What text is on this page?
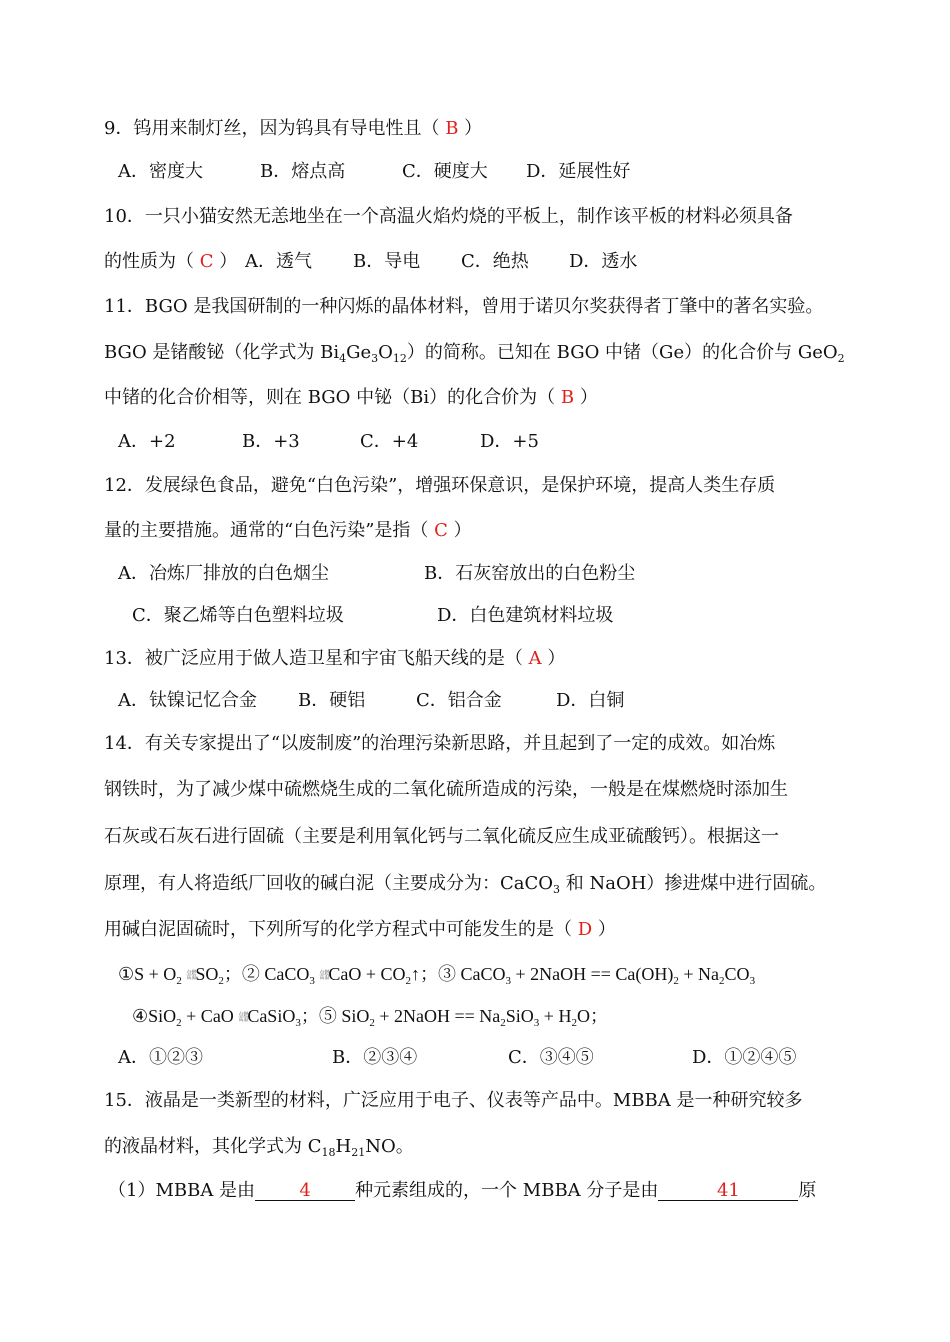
9．钨用来制灯丝，因为钨具有导电性且（ B ）
A．密度大	B．熔点高	C．硬度大 D．延展性好
10．一只小猫安然无恙地坐在一个高温火焰灼烧的平板上，制作该平板的材料必须具备
的性质为（ C ） A．透气 B．导电 C．绝热 D．透水
11．BGO 是我国研制的一种闪烁的晶体材料，曾用于诺贝尔奖获得者丁肇中的著名实验。
BGO 是锗酸铋（化学式为 $Bi_4Ge_3O_{12}$）的简称。已知在 BGO 中锗（Ge）的化合价与 GeO$_2$
中锗的化合价相等，则在 BGO 中铋（Bi）的化合价为（ B ）
A．+2	B．+3	C．+4	D．+5
12．发展绿色食品，避免“白色污染”，增强环保意识，是保护环境，提高人类生存质
量的主要措施。通常的“白色污染”是指（ C ）
A．冶炼厂排放的白色烟尘	B．石灰窑放出的白色粉尘
C．聚乙烯等白色塑料垃圾	D．白色建筑材料垃圾
13．被广泛应用于做人造卫星和宇宙飞船天线的是（ A ）
A．钛镍记忆合金 B．硬铝	C．铝合金	D．白铜
14．有关专家提出了“以废制废”的治理污染新思路，并且起到了一定的成效。如冶炼
钢铁时，为了减少煤中硫燃烧生成的二氧化硫所造成的污染，一般是在煤燃烧时添加生
石灰或石灰石进行固硫（主要是利用氧化钙与二氧化硫反应生成亚硫酸钙）。根据这一
原理，有人将造纸厂回收的碱白泥（主要成分为：CaCO$_3$ 和 NaOH）掺进煤中进行固硫。
用碱白泥固硫时，下列所写的化学方程式中可能发生的是（ D ）
①S + $O_2$ 点燃
高温$SO_2$；② CaCO$_3$ 点燃
高温CaO + $CO_2↑$；③ CaCO$_3$ + 2NaOH == $Ca(OH)_2 + Na_2CO_3$
④SiO$_2$ + CaO 点燃
高温CaSiO$_3$；⑤ SiO$_2$ + 2NaOH == $Na_2SiO_3 + H_2O$；
A．①②③	B．②③④	C．③④⑤	D．①②④⑤
15．液晶是一类新型的材料，广泛应用于电子、仪表等产品中。MBBA 是一种研究较多
的液晶材料，其化学式为 $C_{18}H_{21}NO$。
（1）MBBA 是由 4 种元素组成的，一个 MBBA 分子是由	41	原
